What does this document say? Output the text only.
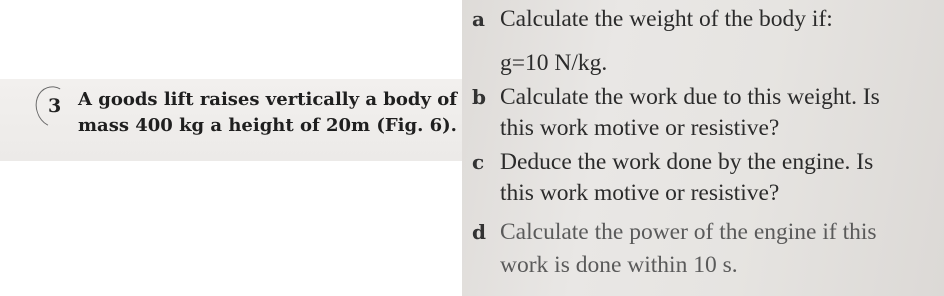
3 A goods lift raises vertically a body of
mass 400 kg a height of 20m (Fig. 6).
a Calculate the weight of the body if:
g=10 N/kg.
b Calculate the work due to this weight. Is
this work motive or resistive?
c Deduce the work done by the engine. Is
this work motive or resistive?
d Calculate the power of the engine if this
work is done within 10 s.
